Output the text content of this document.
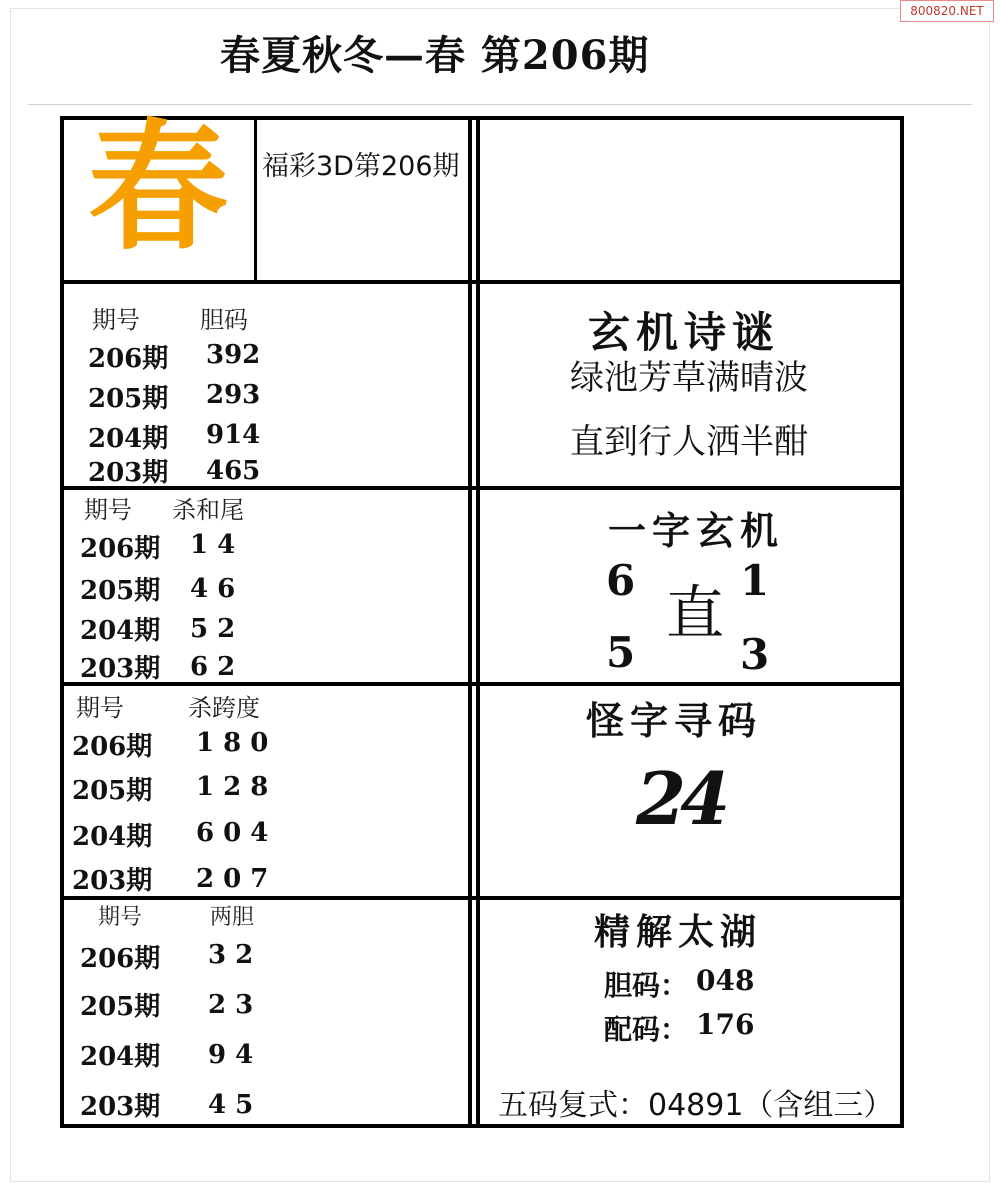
800820.NET
春夏秋冬—春 第206期
春 福彩3D第206期
期号	胆码
206期 392
205期 293
204期 914
203期 465
期号 杀和尾
206期 1 4
205期 4 6
204期 5 2
203期 6 2
期号	杀跨度
206期 1 8 0
205期 1 2 8
204期 6 0 4
203期 2 0 7
期号	两胆
206期 3 2
205期 2 3
204期 9 4
203期 4 5
玄机诗谜
绿池芳草满晴波
直到行人洒半酣
一字玄机
6 1
直
5 3
怪字寻码
24
精解太湖
胆码： 048
配码： 176
五码复式：04891（含组三）
